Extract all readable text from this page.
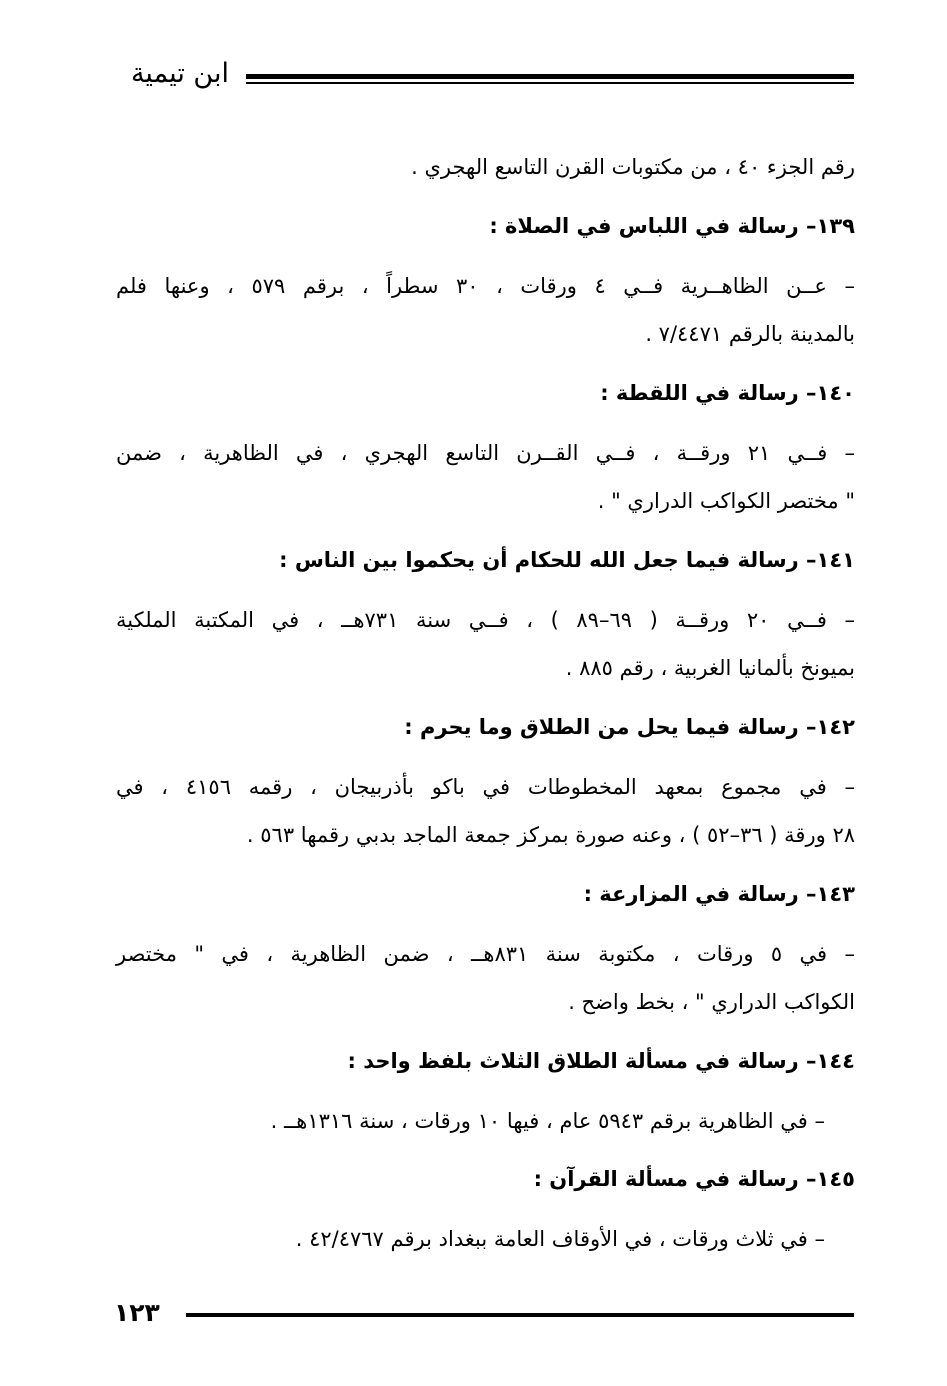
ابن تيمية
رقم الجزء ٤٠ ، من مكتوبات القرن التاسع الهجري .
١٣٩– رسالة في اللباس في الصلاة :
– عــن الظاهــرية فــي ٤ ورقات ، ٣٠ سطراً ، برقم ٥٧٩ ، وعنها فلم
بالمدينة بالرقم ٧/٤٤٧١ .
١٤٠– رسالة في اللقطة :
– فــي ٢١ ورقــة ، فــي القــرن التاسع الهجري ، في الظاهرية ، ضمن
" مختصر الكواكب الدراري " .
١٤١– رسالة فيما جعل الله للحكام أن يحكموا بين الناس :
– فــي ٢٠ ورقــة ( ٦٩–٨٩ ) ، فــي سنة ٧٣١هــ ، في المكتبة الملكية
بميونخ بألمانيا الغربية ، رقم ٨٨٥ .
١٤٢– رسالة فيما يحل من الطلاق وما يحرم :
– في مجموع بمعهد المخطوطات في باكو بأذربيجان ، رقمه ٤١٥٦ ، في
٢٨ ورقة ( ٣٦–٥٢ ) ، وعنه صورة بمركز جمعة الماجد بدبي رقمها ٥٦٣ .
١٤٣– رسالة في المزارعة :
– في ٥ ورقات ، مكتوبة سنة ٨٣١هــ ، ضمن الظاهرية ، في " مختصر
الكواكب الدراري " ، بخط واضح .
١٤٤– رسالة في مسألة الطلاق الثلاث بلفظ واحد :
– في الظاهرية برقم ٥٩٤٣ عام ، فيها ١٠ ورقات ، سنة ١٣١٦هــ .
١٤٥– رسالة في مسألة القرآن :
– في ثلاث ورقات ، في الأوقاف العامة ببغداد برقم ٤٢/٤٧٦٧ .
١٢٣
